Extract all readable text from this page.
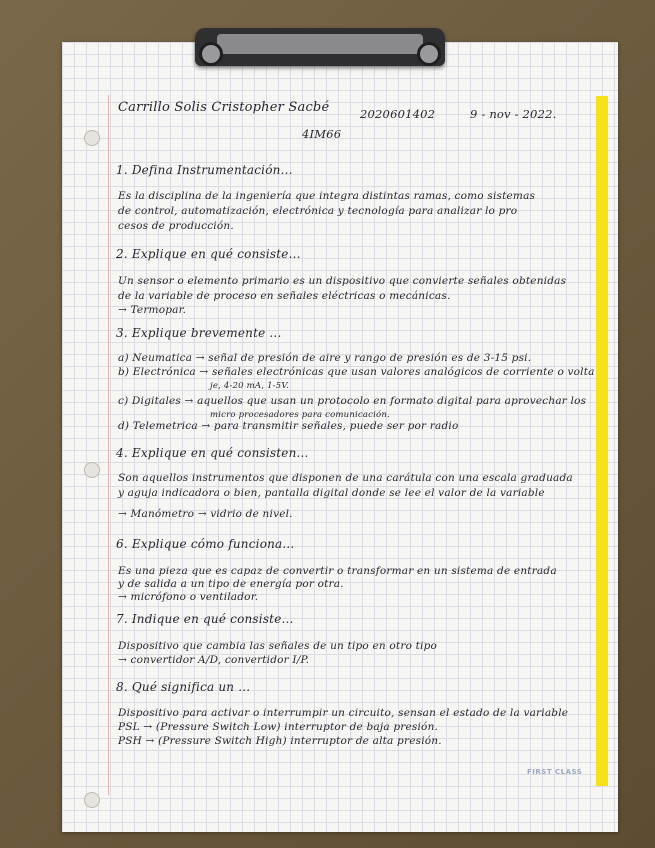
Carrillo Solis Cristopher Sacbé	2020601402	9 - nov - 2022.
4IM66
1. Defina Instrumentación...
Es la disciplina de la ingeniería que integra distintas ramas, como sistemas
de control, automatización, electrónica y tecnología para analizar lo pro
cesos de producción.
2. Explique en qué consiste...
Un sensor o elemento primario es un dispositivo que convierte señales obtenidas
de la variable de proceso en señales eléctricas o mecánicas.
→ Termopar.
3. Explique brevemente ...
a) Neumatica → señal de presión de aire y rango de presión es de 3-15 psi.
b) Electrónica → señales electrónicas que usan valores analógicos de corriente o volta
je, 4-20 mA, 1-5V.
c) Digitales → aquellos que usan un protocolo en formato digital para aprovechar los
micro procesadores para comunicación.
d) Telemetrica → para transmitir señales, puede ser por radio
4. Explique en qué consisten...
Son aquellos instrumentos que disponen de una carátula con una escala graduada
y aguja indicadora o bien, pantalla digital donde se lee el valor de la variable
→ Manómetro → vidrio de nivel.
6. Explique cómo funciona...
Es una pieza que es capaz de convertir o transformar en un sistema de entrada
y de salida a un tipo de energía por otra.
→ micrófono o ventilador.
7. Indique en qué consiste...
Dispositivo que cambia las señales de un tipo en otro tipo
→ convertidor A/D, convertidor I/P.
8. Qué significa un ...
Dispositivo para activar o interrumpir un circuito, sensan el estado de la variable
PSL → (Pressure Switch Low) interruptor de baja presión.
PSH → (Pressure Switch High) interruptor de alta presión.
FIRST CLASS
